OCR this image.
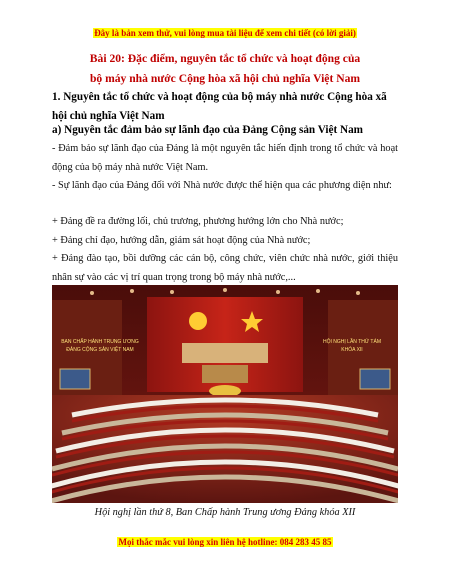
Đây là bản xem thử, vui lòng mua tài liệu để xem chi tiết (có lời giải)
Bài 20: Đặc điểm, nguyên tắc tổ chức và hoạt động của
bộ máy nhà nước Cộng hòa xã hội chủ nghĩa Việt Nam
1. Nguyên tắc tổ chức và hoạt động của bộ máy nhà nước Cộng hòa xã hội chủ nghĩa Việt Nam
a) Nguyên tắc đảm bảo sự lãnh đạo của Đảng Cộng sản Việt Nam
- Đảm bảo sự lãnh đạo của Đảng là một nguyên tắc hiến định trong tổ chức và hoạt động của bộ máy nhà nước Việt Nam.
- Sự lãnh đạo của Đảng đối với Nhà nước được thể hiện qua các phương diện như:
+ Đảng đề ra đường lối, chủ trương, phương hướng lớn cho Nhà nước;
+ Đảng chỉ đạo, hướng dẫn, giám sát hoạt động của Nhà nước;
+ Đảng đào tạo, bồi dưỡng các cán bộ, công chức, viên chức nhà nước, giới thiệu nhân sự vào các vị trí quan trọng trong bộ máy nhà nước,...
BAN CHẤP HÀNH TRUNG ƯƠNG
ĐẢNG CỘNG SẢN VIỆT NAM
HỘI NGHỊ LẦN THỨ TÁM
KHÓA XII
Hội nghị lần thứ 8, Ban Chấp hành Trung ương Đảng khóa XII
Mọi thắc mắc vui lòng xin liên hệ hotline: 084 283 45 85
